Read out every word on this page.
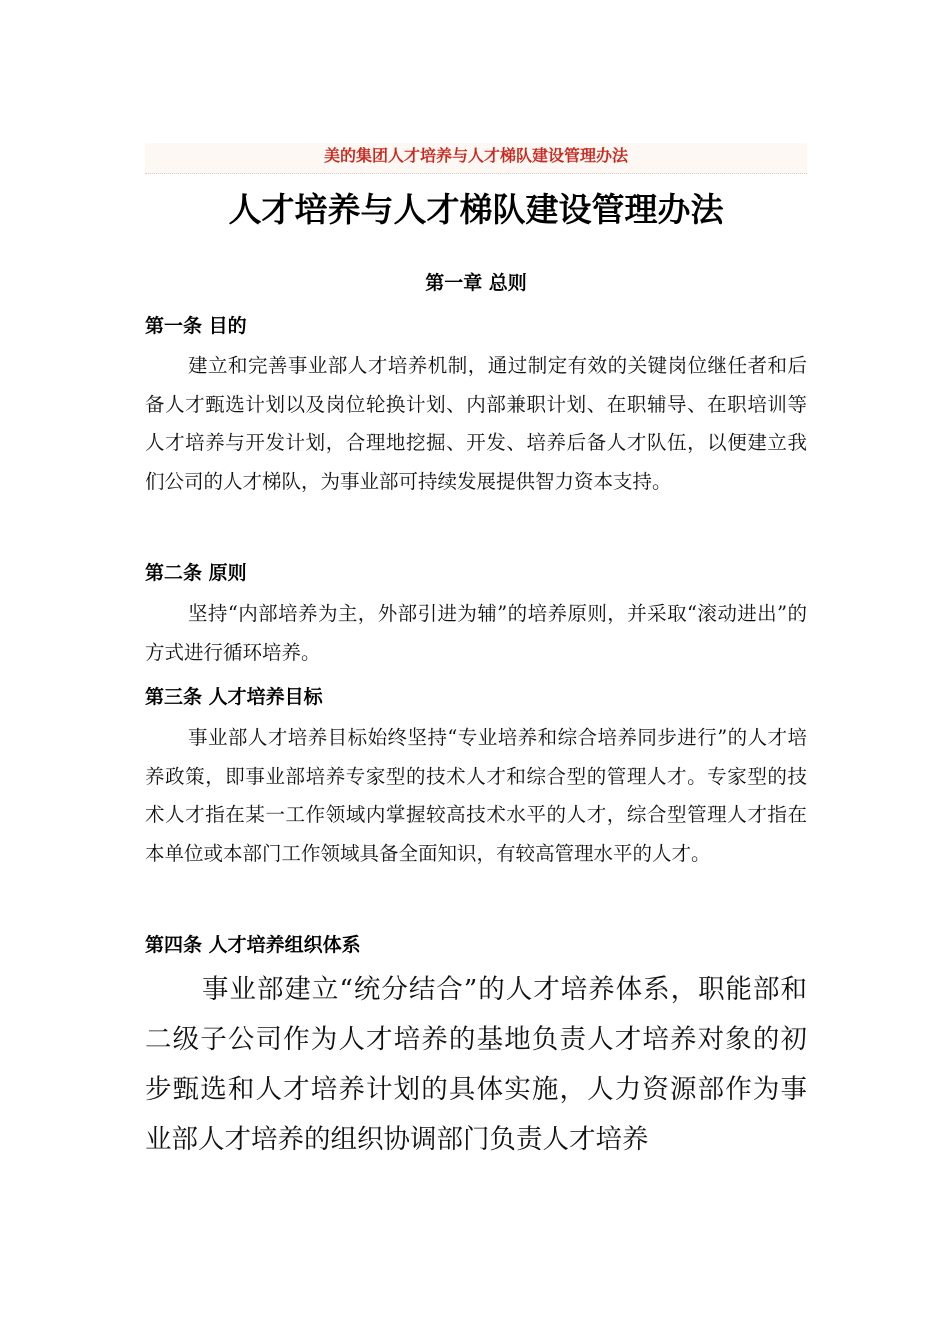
美的集团人才培养与人才梯队建设管理办法
人才培养与人才梯队建设管理办法
第一章 总则
第一条 目的

建立和完善事业部人才培养机制，通过制定有效的关键岗位继任者和后备人才甄选计划以及岗位轮换计划、内部兼职计划、在职辅导、在职培训等人才培养与开发计划，合理地挖掘、开发、培养后备人才队伍，以便建立我们公司的人才梯队，为事业部可持续发展提供智力资本支持。

第二条 原则

坚持“内部培养为主，外部引进为辅”的培养原则，并采取“滚动进出”的方式进行循环培养。

第三条 人才培养目标

事业部人才培养目标始终坚持“专业培养和综合培养同步进行”的人才培养政策，即事业部培养专家型的技术人才和综合型的管理人才。专家型的技术人才指在某一工作领域内掌握较高技术水平的人才，综合型管理人才指在本单位或本部门工作领域具备全面知识，有较高管理水平的人才。

第四条 人才培养组织体系

事业部建立“统分结合”的人才培养体系，职能部和二级子公司作为人才培养的基地负责人才培养对象的初步甄选和人才培养计划的具体实施，人力资源部作为事业部人才培养的组织协调部门负责人才培养
